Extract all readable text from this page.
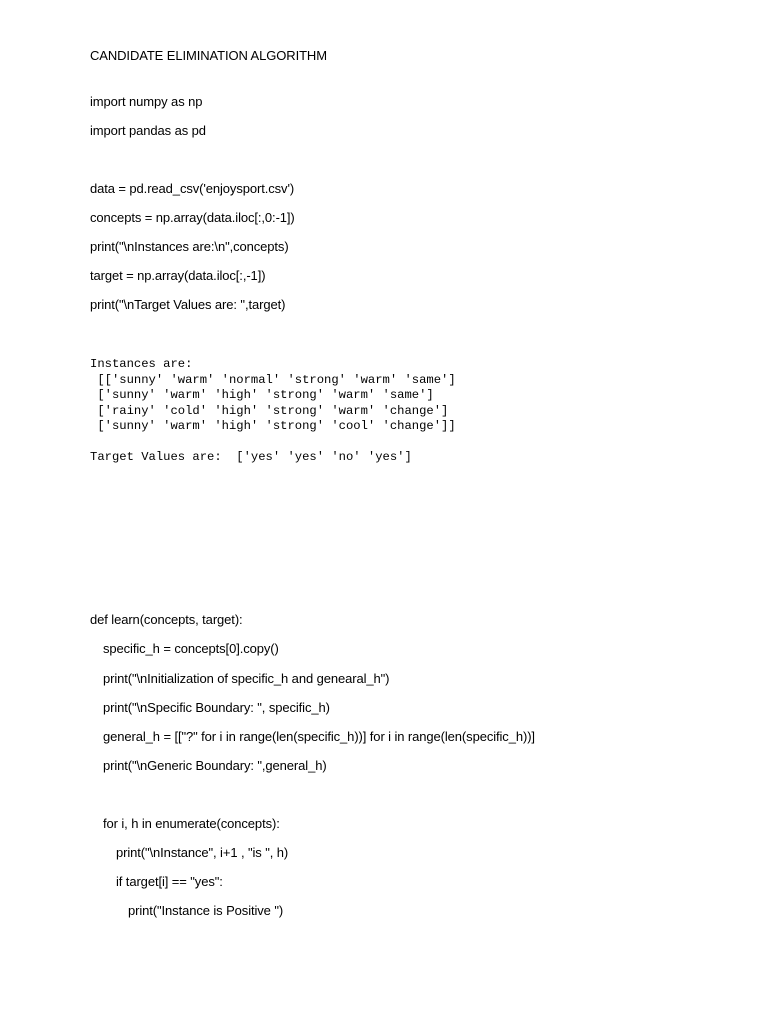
CANDIDATE ELIMINATION ALGORITHM
import numpy as np
import pandas as pd
data = pd.read_csv('enjoysport.csv')
concepts = np.array(data.iloc[:,0:-1])
print("\nInstances are:\n",concepts)
target = np.array(data.iloc[:,-1])
print("\nTarget Values are: ",target)
Instances are:
[['sunny' 'warm' 'normal' 'strong' 'warm' 'same']
['sunny' 'warm' 'high' 'strong' 'warm' 'same']
['rainy' 'cold' 'high' 'strong' 'warm' 'change']
['sunny' 'warm' 'high' 'strong' 'cool' 'change']]
Target Values are:  ['yes' 'yes' 'no' 'yes']
def learn(concepts, target):
specific_h = concepts[0].copy()
print("\nInitialization of specific_h and genearal_h")
print("\nSpecific Boundary: ", specific_h)
general_h = [["?" for i in range(len(specific_h))] for i in range(len(specific_h))]
print("\nGeneric Boundary: ",general_h)
for i, h in enumerate(concepts):
print("\nInstance", i+1 , "is ", h)
if target[i] == "yes":
print("Instance is Positive ")
